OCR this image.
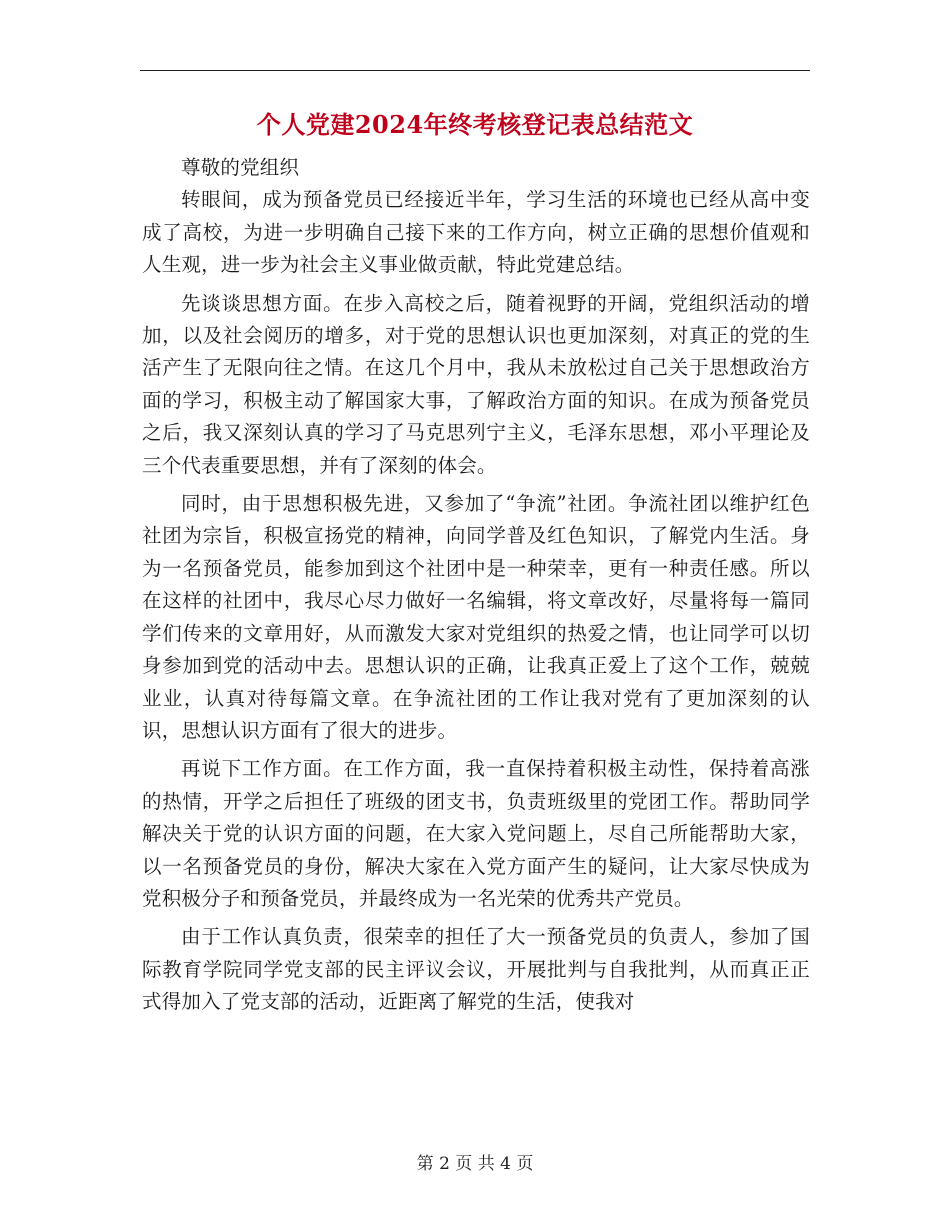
个人党建2024年终考核登记表总结范文

尊敬的党组织

转眼间，成为预备党员已经接近半年，学习生活的环境也已经从高中变成了高校，为进一步明确自己接下来的工作方向，树立正确的思想价值观和人生观，进一步为社会主义事业做贡献，特此党建总结。

先谈谈思想方面。在步入高校之后，随着视野的开阔，党组织活动的增加，以及社会阅历的增多，对于党的思想认识也更加深刻，对真正的党的生活产生了无限向往之情。在这几个月中，我从未放松过自己关于思想政治方面的学习，积极主动了解国家大事，了解政治方面的知识。在成为预备党员之后，我又深刻认真的学习了马克思列宁主义，毛泽东思想，邓小平理论及三个代表重要思想，并有了深刻的体会。

同时，由于思想积极先进，又参加了“争流”社团。争流社团以维护红色社团为宗旨，积极宣扬党的精神，向同学普及红色知识，了解党内生活。身为一名预备党员，能参加到这个社团中是一种荣幸，更有一种责任感。所以在这样的社团中，我尽心尽力做好一名编辑，将文章改好，尽量将每一篇同学们传来的文章用好，从而激发大家对党组织的热爱之情，也让同学可以切身参加到党的活动中去。思想认识的正确，让我真正爱上了这个工作，兢兢业业，认真对待每篇文章。在争流社团的工作让我对党有了更加深刻的认识，思想认识方面有了很大的进步。

再说下工作方面。在工作方面，我一直保持着积极主动性，保持着高涨的热情，开学之后担任了班级的团支书，负责班级里的党团工作。帮助同学解决关于党的认识方面的问题，在大家入党问题上，尽自己所能帮助大家，以一名预备党员的身份，解决大家在入党方面产生的疑问，让大家尽快成为党积极分子和预备党员，并最终成为一名光荣的优秀共产党员。

由于工作认真负责，很荣幸的担任了大一预备党员的负责人，参加了国际教育学院同学党支部的民主评议会议，开展批判与自我批判，从而真正正式得加入了党支部的活动，近距离了解党的生活，使我对

第 2 页 共 4 页
